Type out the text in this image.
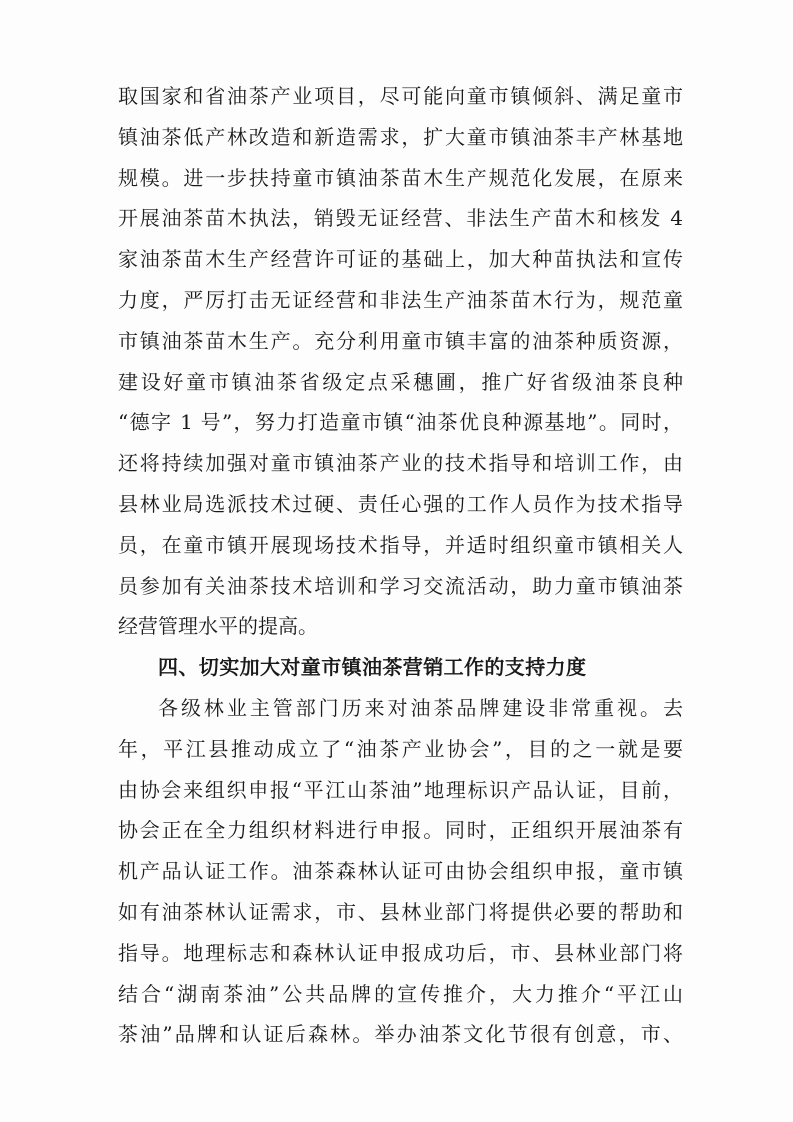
取国家和省油茶产业项目，尽可能向童市镇倾斜、满足童市
镇油茶低产林改造和新造需求，扩大童市镇油茶丰产林基地
规模。进一步扶持童市镇油茶苗木生产规范化发展，在原来
开展油茶苗木执法，销毁无证经营、非法生产苗木和核发 4
家油茶苗木生产经营许可证的基础上，加大种苗执法和宣传
力度，严厉打击无证经营和非法生产油茶苗木行为，规范童
市镇油茶苗木生产。充分利用童市镇丰富的油茶种质资源，
建设好童市镇油茶省级定点采穗圃，推广好省级油茶良种
“德字 1 号”，努力打造童市镇“油茶优良种源基地”。同时，
还将持续加强对童市镇油茶产业的技术指导和培训工作，由
县林业局选派技术过硬、责任心强的工作人员作为技术指导
员，在童市镇开展现场技术指导，并适时组织童市镇相关人
员参加有关油茶技术培训和学习交流活动，助力童市镇油茶
经营管理水平的提高。
四、切实加大对童市镇油茶营销工作的支持力度
各级林业主管部门历来对油茶品牌建设非常重视。去
年，平江县推动成立了“油茶产业协会”，目的之一就是要
由协会来组织申报“平江山茶油”地理标识产品认证，目前，
协会正在全力组织材料进行申报。同时，正组织开展油茶有
机产品认证工作。油茶森林认证可由协会组织申报，童市镇
如有油茶林认证需求，市、县林业部门将提供必要的帮助和
指导。地理标志和森林认证申报成功后，市、县林业部门将
结合“湖南茶油”公共品牌的宣传推介，大力推介“平江山
茶油”品牌和认证后森林。举办油茶文化节很有创意，市、
